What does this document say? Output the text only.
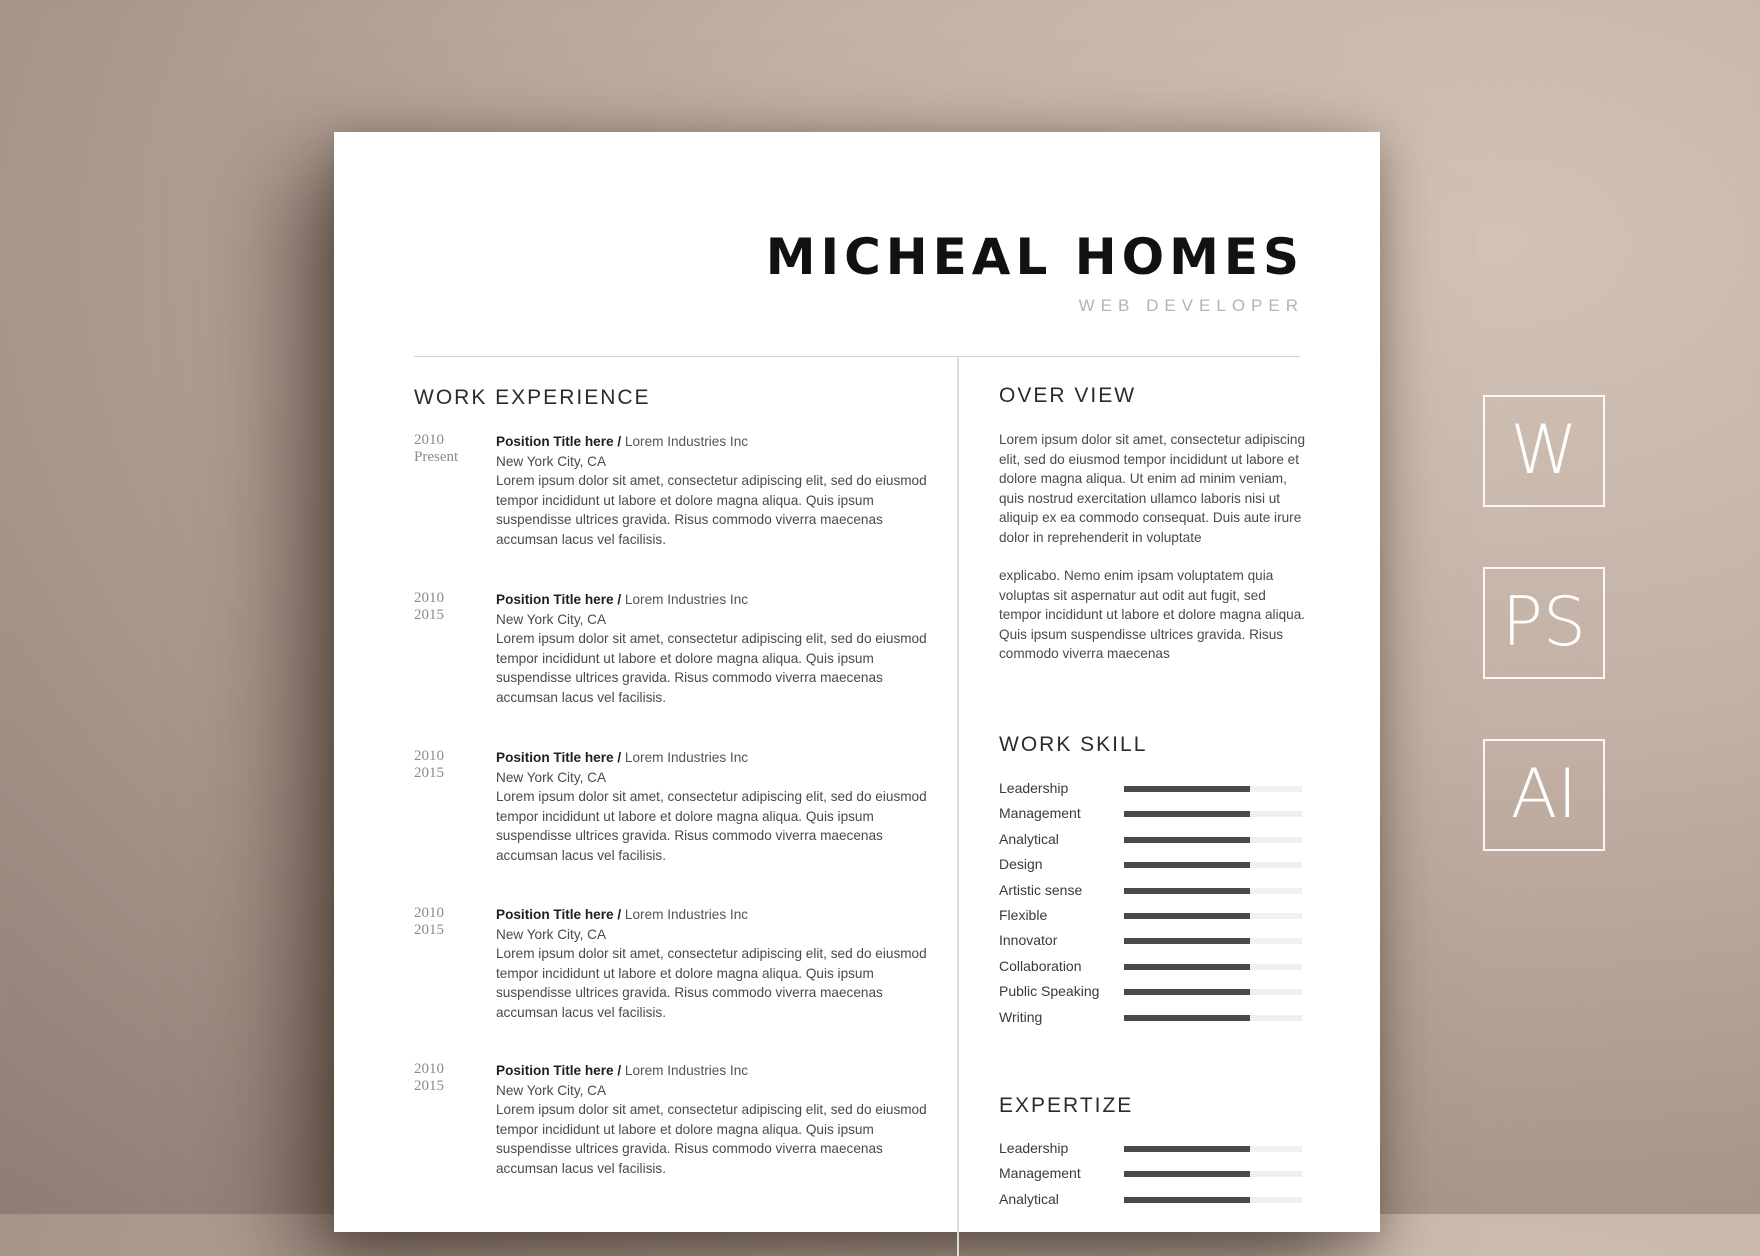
MICHEAL HOMES
WEB DEVELOPER
WORK EXPERIENCE
2010
Present
Position Title here / Lorem Industries Inc
New York City, CA
Lorem ipsum dolor sit amet, consectetur adipiscing elit, sed do eiusmod tempor incididunt ut labore et dolore magna aliqua. Quis ipsum suspendisse ultrices gravida. Risus commodo viverra maecenas accumsan lacus vel facilisis.
2010
2015
Position Title here / Lorem Industries Inc
New York City, CA
Lorem ipsum dolor sit amet, consectetur adipiscing elit, sed do eiusmod tempor incididunt ut labore et dolore magna aliqua. Quis ipsum suspendisse ultrices gravida. Risus commodo viverra maecenas accumsan lacus vel facilisis.
2010
2015
Position Title here / Lorem Industries Inc
New York City, CA
Lorem ipsum dolor sit amet, consectetur adipiscing elit, sed do eiusmod tempor incididunt ut labore et dolore magna aliqua. Quis ipsum suspendisse ultrices gravida. Risus commodo viverra maecenas accumsan lacus vel facilisis.
2010
2015
Position Title here / Lorem Industries Inc
New York City, CA
Lorem ipsum dolor sit amet, consectetur adipiscing elit, sed do eiusmod tempor incididunt ut labore et dolore magna aliqua. Quis ipsum suspendisse ultrices gravida. Risus commodo viverra maecenas accumsan lacus vel facilisis.
2010
2015
Position Title here / Lorem Industries Inc
New York City, CA
Lorem ipsum dolor sit amet, consectetur adipiscing elit, sed do eiusmod tempor incididunt ut labore et dolore magna aliqua. Quis ipsum suspendisse ultrices gravida. Risus commodo viverra maecenas accumsan lacus vel facilisis.
OVER VIEW
Lorem ipsum dolor sit amet, consectetur adipiscing elit, sed do eiusmod tempor incididunt ut labore et dolore magna aliqua. Ut enim ad minim veniam, quis nostrud exercitation ullamco laboris nisi ut aliquip ex ea commodo consequat. Duis aute irure dolor in reprehenderit in voluptate
explicabo. Nemo enim ipsam voluptatem quia voluptas sit aspernatur aut odit aut fugit, sed tempor incididunt ut labore et dolore magna aliqua. Quis ipsum suspendisse ultrices gravida. Risus commodo viverra maecenas
WORK SKILL
Leadership
Management
Analytical
Design
Artistic sense
Flexible
Innovator
Collaboration
Public Speaking
Writing
EXPERTIZE
Leadership
Management
Analytical
W
PS
AI
